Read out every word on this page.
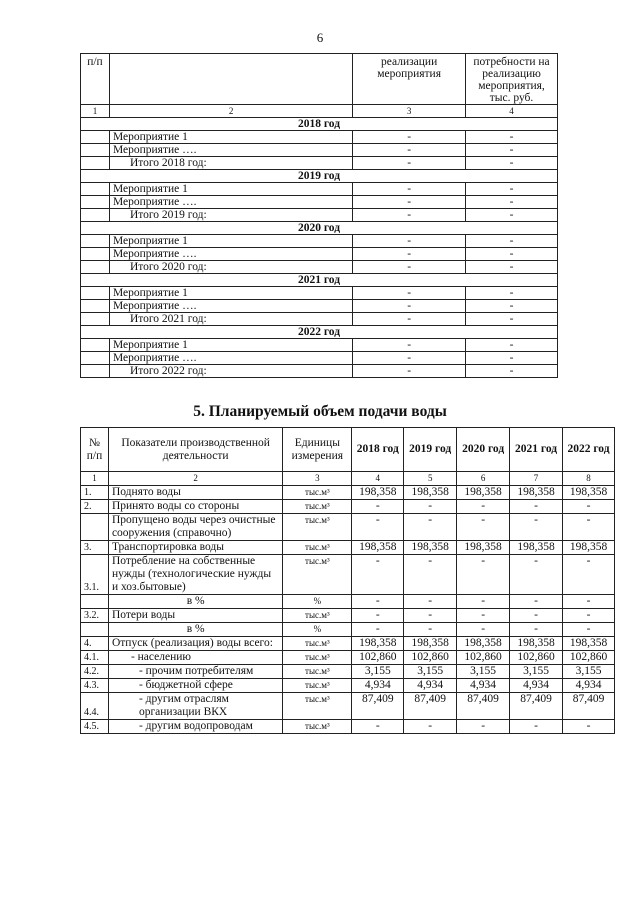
6
п/п		реализации мероприятия	потребности на реализацию мероприятия, тыс. руб.
1	2	3	4
2018 год			
	Мероприятие 1	-	-
	Мероприятие ….	-	-
	Итого 2018 год:	-	-
2019 год			
	Мероприятие 1	-	-
	Мероприятие ….	-	-
	Итого 2019 год:	-	-
2020 год			
	Мероприятие 1	-	-
	Мероприятие ….	-	-
	Итого 2020 год:	-	-
2021 год			
	Мероприятие 1	-	-
	Мероприятие ….	-	-
	Итого 2021 год:	-	-
2022 год			
	Мероприятие 1	-	-
	Мероприятие ….	-	-
	Итого 2022 год:	-	-
5. Планируемый объем подачи воды
№ п/п	Показатели производственной деятельности	Единицы измерения	2018 год	2019 год	2020 год	2021 год	2022 год
1	2	3	4	5	6	7	8
1.	Поднято воды	тыс.м³	198,358	198,358	198,358	198,358	198,358
2.	Принято воды со стороны	тыс.м³	-	-	-	-	-
	Пропущено воды через очистные сооружения (справочно)	тыс.м³	-	-	-	-	-
3.	Транспортировка воды	тыс.м³	198,358	198,358	198,358	198,358	198,358
3.1.	Потребление на собственные нужды (технологические нужды и хоз.бытовые)	тыс.м³	-	-	-	-	-
	в %	%	-	-	-	-	-
3.2.	Потери воды	тыс.м³	-	-	-	-	-
	в %	%	-	-	-	-	-
4.	Отпуск (реализация) воды всего:	тыс.м³	198,358	198,358	198,358	198,358	198,358
4.1.	- населению	тыс.м³	102,860	102,860	102,860	102,860	102,860
4.2.	- прочим потребителям	тыс.м³	3,155	3,155	3,155	3,155	3,155
4.3.	- бюджетной сфере	тыс.м³	4,934	4,934	4,934	4,934	4,934
4.4.	- другим отраслям организации ВКХ	тыс.м³	87,409	87,409	87,409	87,409	87,409
4.5.	- другим водопроводам	тыс.м³	-	-	-	-	-
